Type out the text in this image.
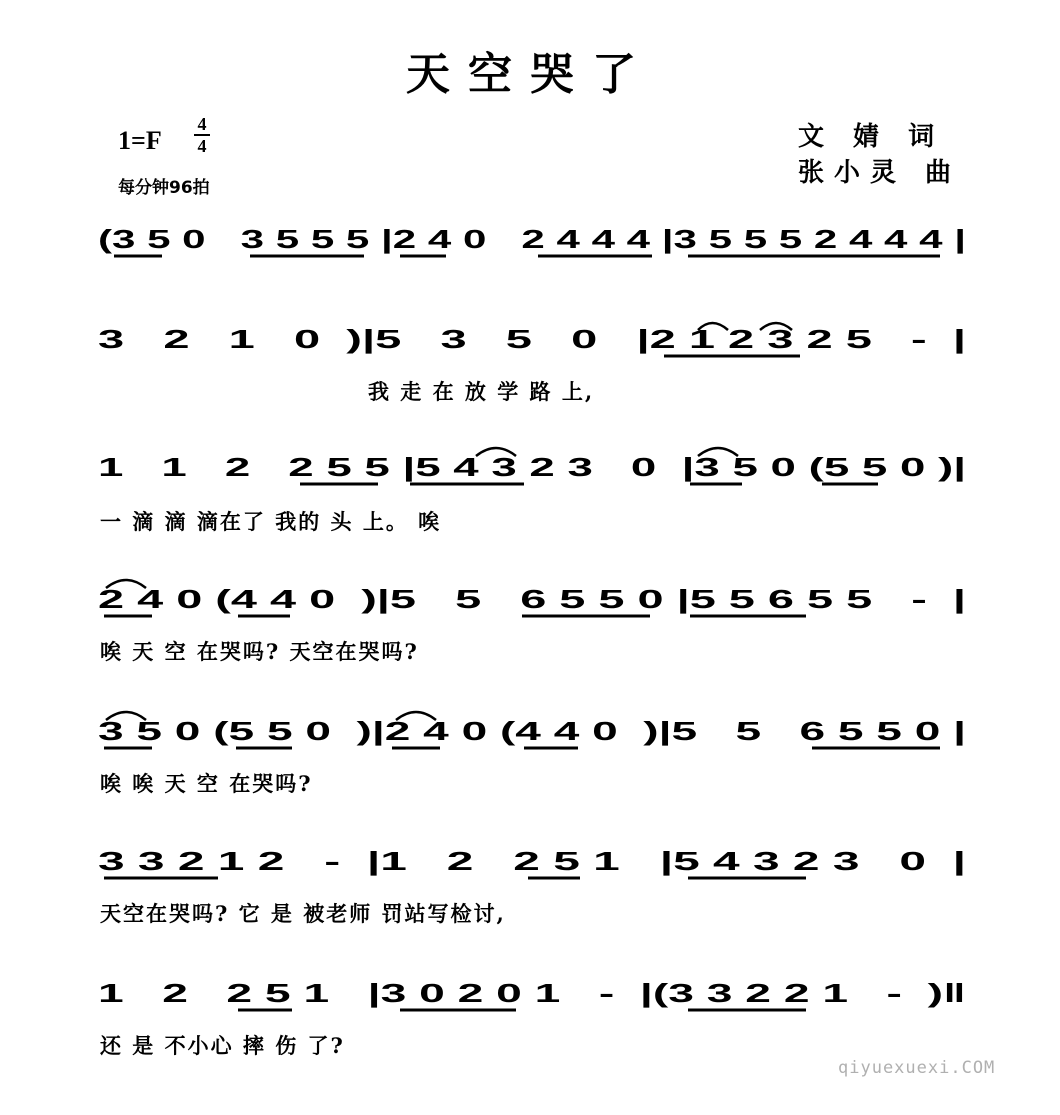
天空哭了
1=F
4
4
每分钟96拍
文 婧 词
张小灵 曲
(3 5 0   3 5 5 5 |2 4 0   2 4 4 4 |3 5 5 5 2 4 4 4 |
3   2   1   0  )|5   3   5   0   |2 1 2 3 2 5   -  |
1   1   2   2 5 5 |5 4 3 2 3   0  |3 5 0 (5 5 0 )|
2 4 0 (4 4 0  )|5   5   6 5 5 0 |5 5 6 5 5   -  |
3 5 0 (5 5 0  )|2 4 0 (4 4 0  )|5   5   6 5 5 0 |
3 3 2 1 2   -  |1   2   2 5 1   |5 4 3 2 3   0  |
1   2   2 5 1   |3 0 2 0 1   -  |(3 3 2 2 1   -  )‖
我 走 在 放 学 路 上,
一 滴 滴 滴在了 我的 头 上。 唉
唉 天 空 在哭吗? 天空在哭吗?
唉 唉 天 空 在哭吗?
天空在哭吗? 它 是 被老师 罚站写检讨,
还 是 不小心 摔 伤 了?
qiyuexuexi.COM
